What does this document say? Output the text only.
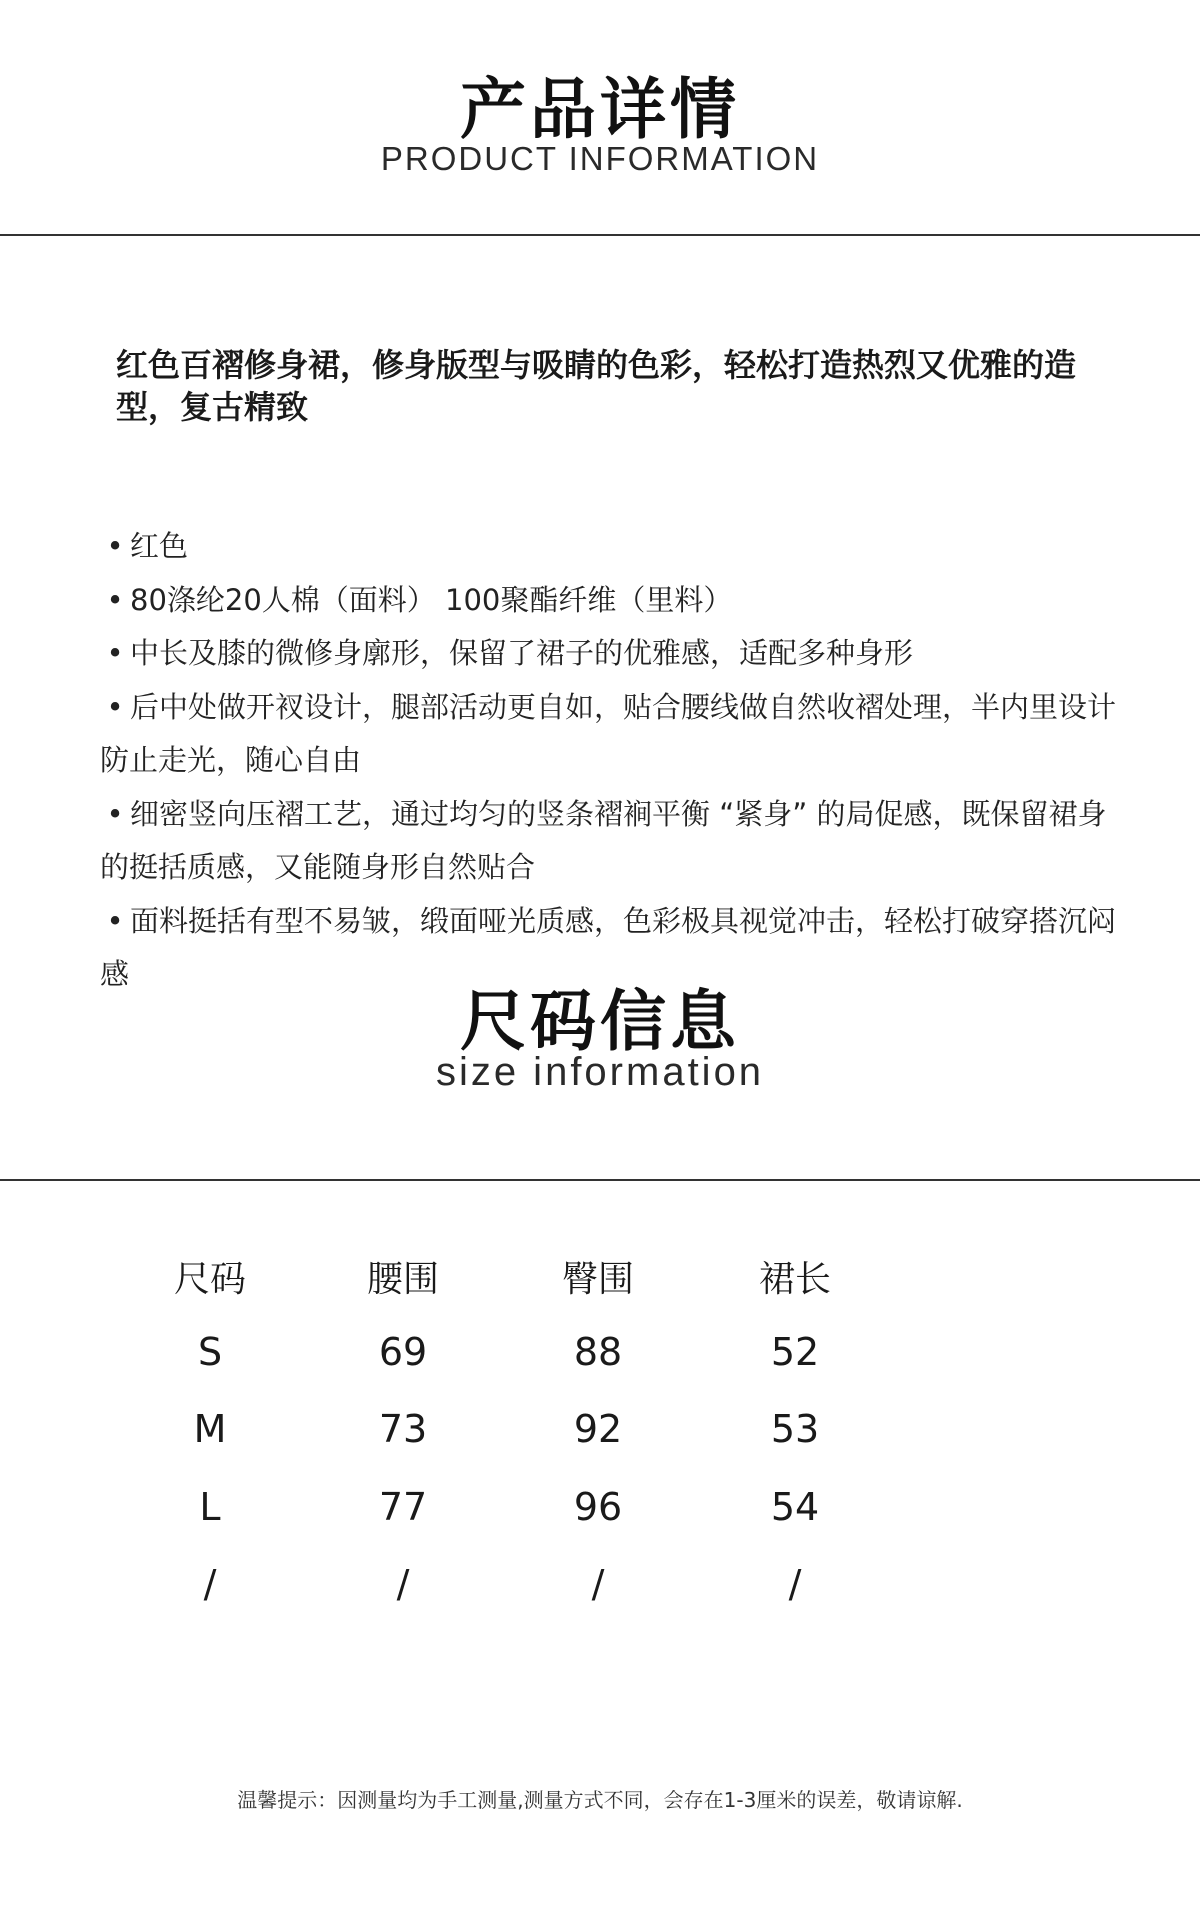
产品详情
PRODUCT INFORMATION
红色百褶修身裙，修身版型与吸睛的色彩，轻松打造热烈又优雅的造型，复古精致
• 红色
• 80涤纶20人棉（面料） 100聚酯纤维（里料）
• 中长及膝的微修身廓形，保留了裙子的优雅感，适配多种身形
• 后中处做开衩设计，腿部活动更自如，贴合腰线做自然收褶处理，半内里设计防止走光，随心自由
• 细密竖向压褶工艺，通过均匀的竖条褶裥平衡 “紧身” 的局促感，既保留裙身的挺括质感，又能随身形自然贴合
• 面料挺括有型不易皱，缎面哑光质感，色彩极具视觉冲击，轻松打破穿搭沉闷感
尺码信息
size information
尺码	腰围	臀围	裙长
S	69	88	52
M	73	92	53
L	77	96	54
/	/	/	/
温馨提示：因测量均为手工测量,测量方式不同，会存在1-3厘米的误差，敬请谅解.
